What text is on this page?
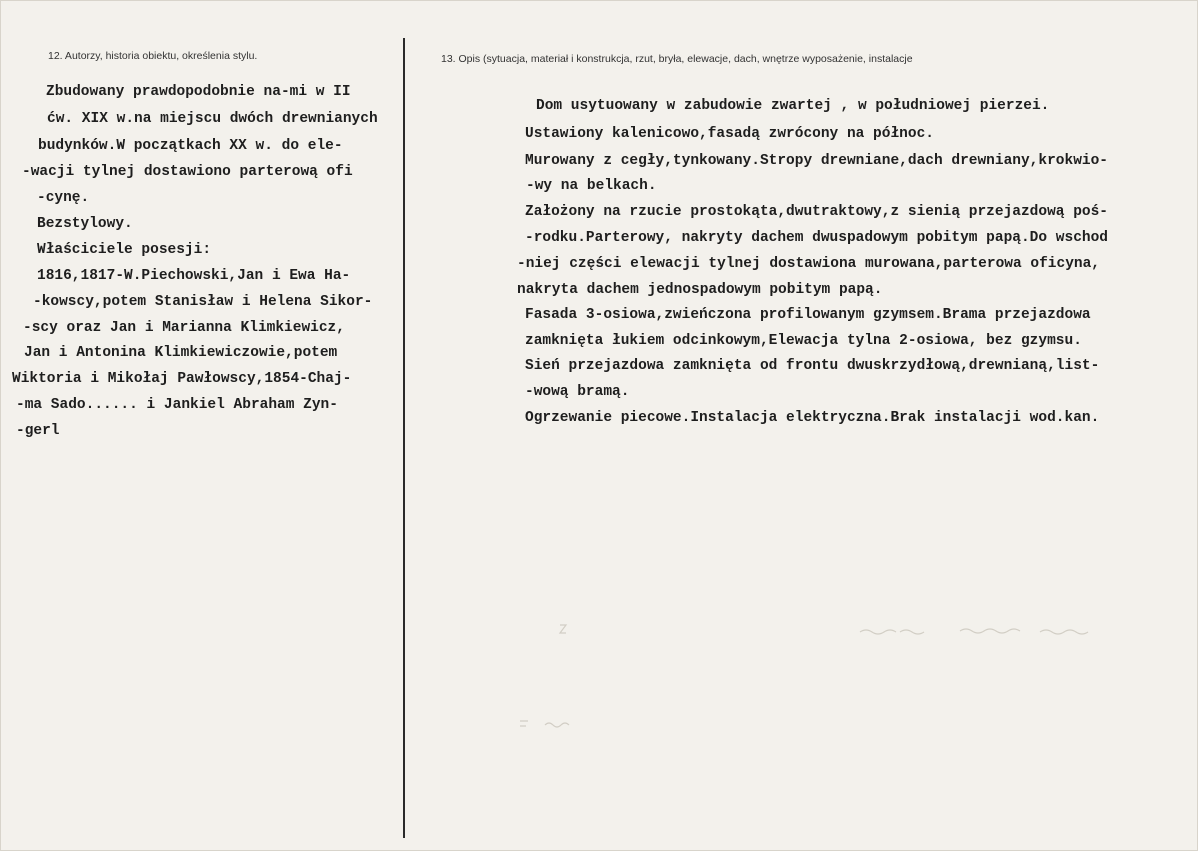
12. Autorzy, historia obiektu, określenia stylu.	13. Opis (sytuacja, materiał i konstrukcja, rzut, bryła, elewacje, dach, wnętrze wyposażenie, instalacje
Zbudowany prawdopodobnie na-mi w II
ćw. XIX w.na miejscu dwóch drewnianych
budynków.W początkach XX w. do ele-
-wacji tylnej dostawiono parterową ofi
-cynę.
Bezstylowy.
Właściciele posesji:
1816,1817-W.Piechowski,Jan i Ewa Ha-
-kowscy,potem Stanisław i Helena Sikor-
-scy oraz Jan i Marianna Klimkiewicz,
Jan i Antonina Klimkiewiczowie,potem
Wiktoria i Mikołaj Pawłowscy,1854-Chaj-
-ma Sado...... i Jankiel Abraham Zyn-
-gerl
Dom usytuowany w zabudowie zwartej , w południowej pierzei.
Ustawiony kalenicowo,fasadą zwrócony na północ.
Murowany z cegły,tynkowany.Stropy drewniane,dach drewniany,krokwio-
-wy na belkach.
Założony na rzucie prostokąta,dwutraktowy,z sienią przejazdową poś-
-rodku.Parterowy, nakryty dachem dwuspadowym pobitym papą.Do wschod
-niej części elewacji tylnej dostawiona murowana,parterowa oficyna,
nakryta dachem jednospadowym pobitym papą.
Fasada 3-osiowa,zwieńczona profilowanym gzymsem.Brama przejazdowa
zamknięta łukiem odcinkowym,Elewacja tylna 2-osiowa, bez gzymsu.
Sień przejazdowa zamknięta od frontu dwuskrzydłową,drewnianą,list-
-wową bramą.
Ogrzewanie piecowe.Instalacja elektryczna.Brak instalacji wod.kan.
